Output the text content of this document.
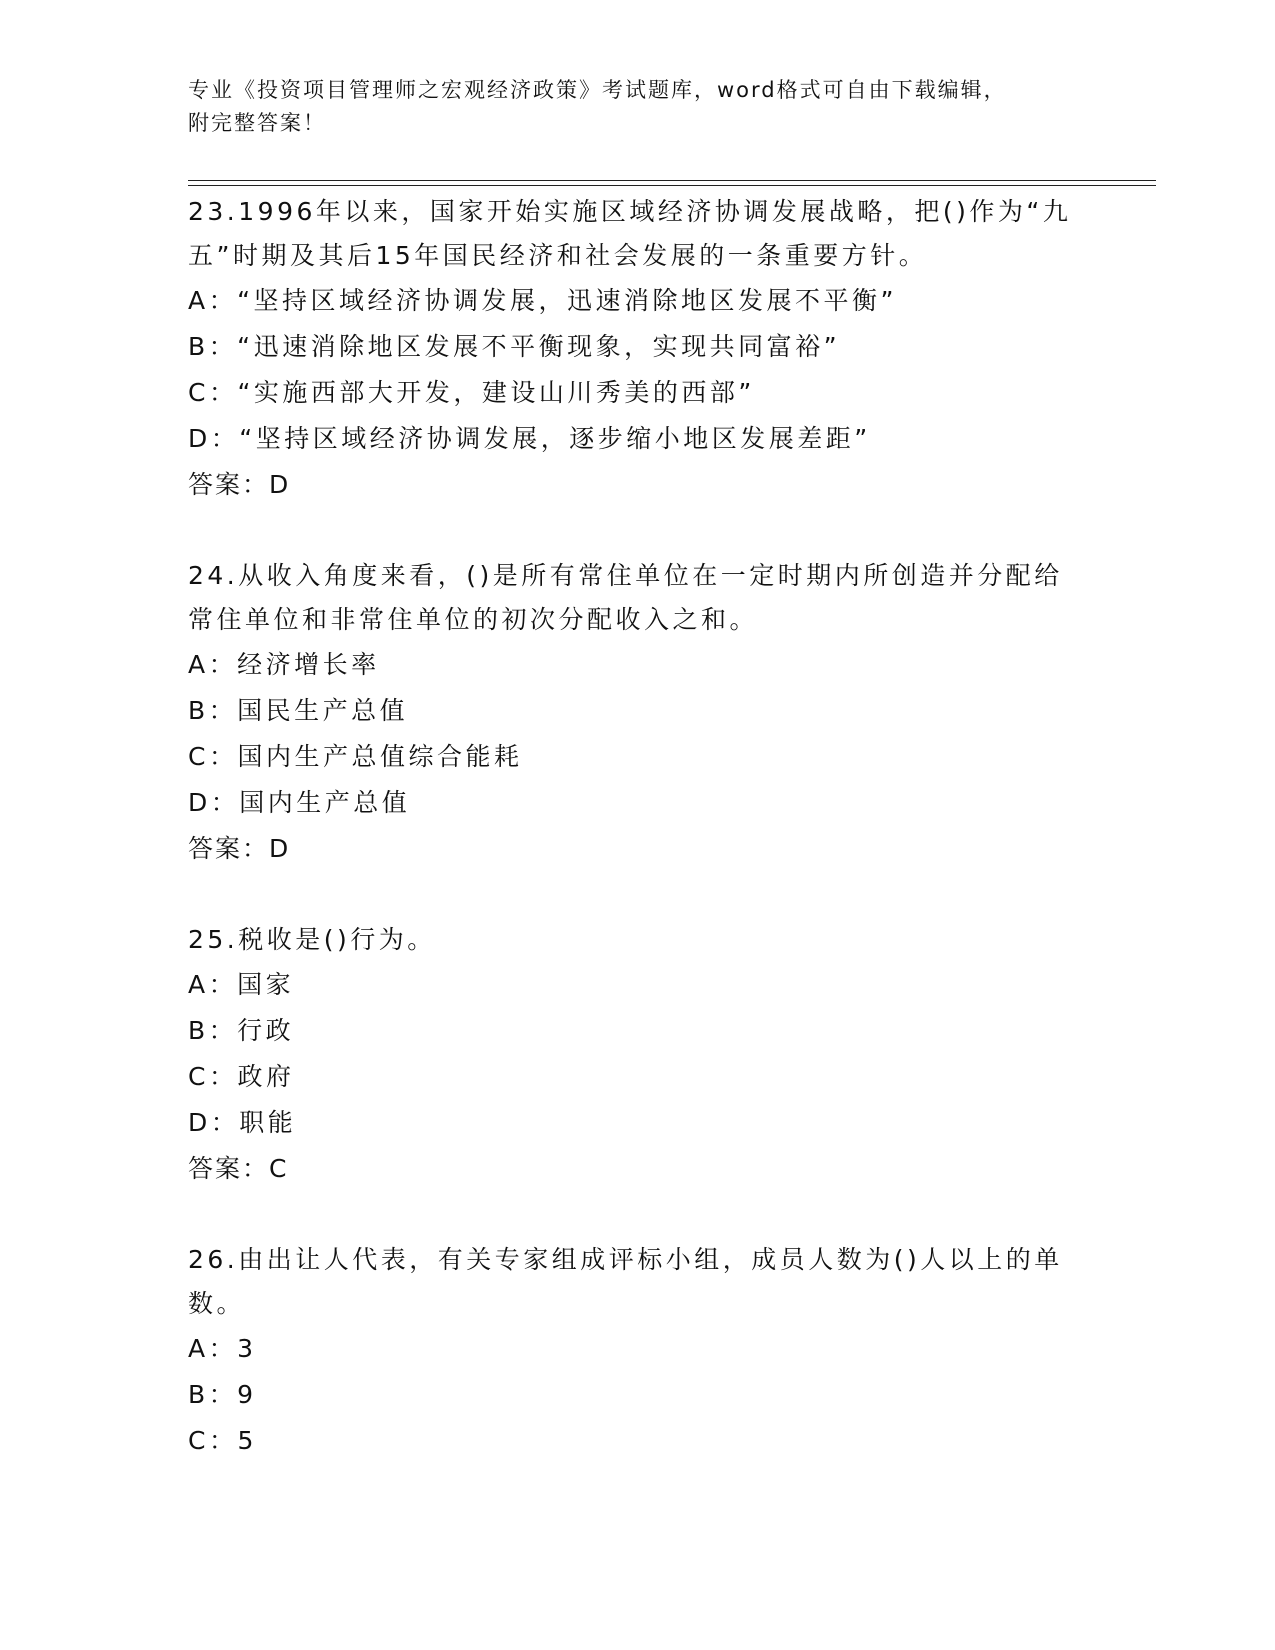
专业《投资项目管理师之宏观经济政策》考试题库，word格式可自由下载编辑，
附完整答案！
23.1996年以来，国家开始实施区域经济协调发展战略，把()作为“九
五”时期及其后15年国民经济和社会发展的一条重要方针。
A：“坚持区域经济协调发展，迅速消除地区发展不平衡”
B：“迅速消除地区发展不平衡现象，实现共同富裕”
C：“实施西部大开发，建设山川秀美的西部”
D：“坚持区域经济协调发展，逐步缩小地区发展差距”
答案：D
24.从收入角度来看，()是所有常住单位在一定时期内所创造并分配给
常住单位和非常住单位的初次分配收入之和。
A：经济增长率
B：国民生产总值
C：国内生产总值综合能耗
D：国内生产总值
答案：D
25.税收是()行为。
A：国家
B：行政
C：政府
D：职能
答案：C
26.由出让人代表，有关专家组成评标小组，成员人数为()人以上的单
数。
A：3
B：9
C：5
